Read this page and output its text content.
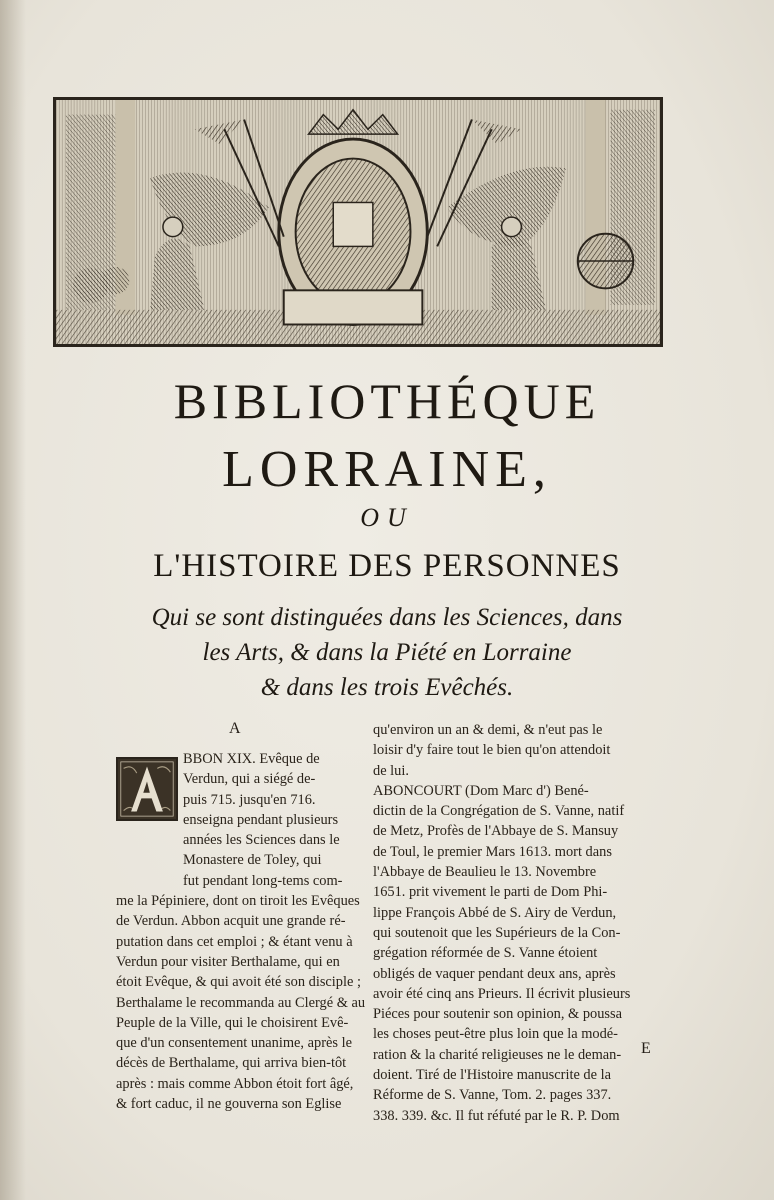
BIBLIOTHÉQUE
LORRAINE,
OU
L'HISTOIRE DES PERSONNES
Qui se sont distinguées dans les Sciences, dans
les Arts, & dans la Piété en Lorraine
& dans les trois Evêchés.
A
BBON XIX. Evêque de
Verdun, qui a siégé de-
puis 715. jusqu'en 716.
enseigna pendant plusieurs
années les Sciences dans le
Monastere de Toley, qui
fut pendant long-tems com-
me la Pépiniere, dont on tiroit les Evêques
de Verdun. Abbon acquit une grande ré-
putation dans cet emploi ; & étant venu à
Verdun pour visiter Berthalame, qui en
étoit Evêque, & qui avoit été son disciple ;
Berthalame le recommanda au Clergé & au
Peuple de la Ville, qui le choisirent Evê-
que d'un consentement unanime, après le
décès de Berthalame, qui arriva bien-tôt
après : mais comme Abbon étoit fort âgé,
& fort caduc, il ne gouverna son Eglise
qu'environ un an & demi, & n'eut pas le
loisir d'y faire tout le bien qu'on attendoit
de lui.
ABONCOURT (Dom Marc d') Bené-
dictin de la Congrégation de S. Vanne, natif
de Metz, Profès de l'Abbaye de S. Mansuy
de Toul, le premier Mars 1613. mort dans
l'Abbaye de Beaulieu le 13. Novembre
1651. prit vivement le parti de Dom Phi-
lippe François Abbé de S. Airy de Verdun,
qui soutenoit que les Supérieurs de la Con-
grégation réformée de S. Vanne étoient
obligés de vaquer pendant deux ans, après
avoir été cinq ans Prieurs. Il écrivit plusieurs
Piéces pour soutenir son opinion, & poussa
les choses peut-être plus loin que la modé-
ration & la charité religieuses ne le deman-
doient. Tiré de l'Histoire manuscrite de la
Réforme de S. Vanne, Tom. 2. pages 337.
338. 339. &c. Il fut réfuté par le R. P. Dom
E
